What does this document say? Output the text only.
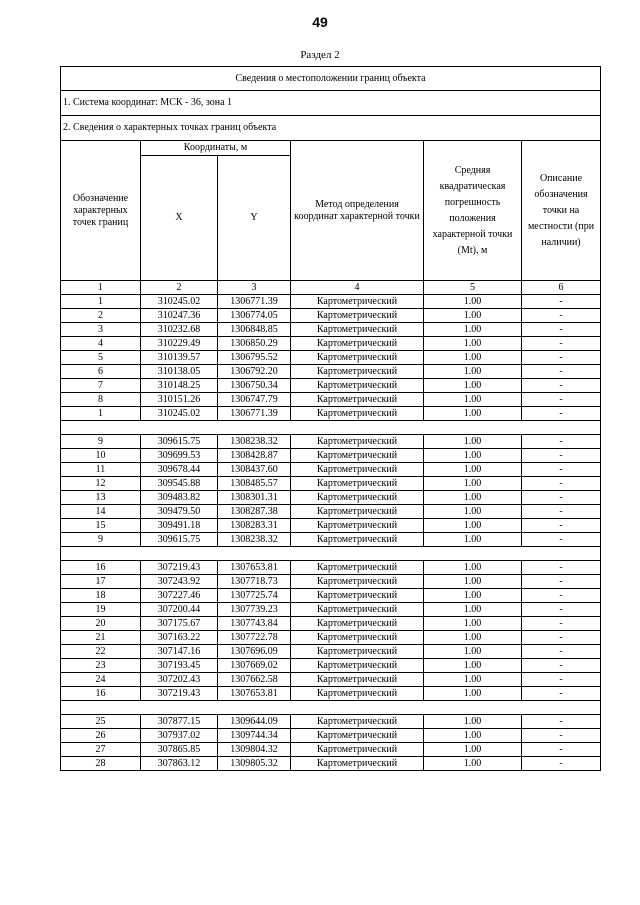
49
Раздел 2
Сведения о местоположении границ объекта					
1. Система координат: МСК - 36, зона 1					
2. Сведения о характерных точках границ объекта					
Обозначение характерных точек границ	Координаты, м		Метод определения координат характерной точки	Средняя квадратическая погрешность положения характерной точки (Mt), м	Описание обозначения точки на местности (при наличии)
	X	Y			
1	2	3	4	5	6
1	310245.02	1306771.39	Картометрический	1.00	-
2	310247.36	1306774.05	Картометрический	1.00	-
3	310232.68	1306848.85	Картометрический	1.00	-
4	310229.49	1306850.29	Картометрический	1.00	-
5	310139.57	1306795.52	Картометрический	1.00	-
6	310138.05	1306792.20	Картометрический	1.00	-
7	310148.25	1306750.34	Картометрический	1.00	-
8	310151.26	1306747.79	Картометрический	1.00	-
1	310245.02	1306771.39	Картометрический	1.00	-

9	309615.75	1308238.32	Картометрический	1.00	-
10	309699.53	1308428.87	Картометрический	1.00	-
11	309678.44	1308437.60	Картометрический	1.00	-
12	309545.88	1308485.57	Картометрический	1.00	-
13	309483.82	1308301.31	Картометрический	1.00	-
14	309479.50	1308287.38	Картометрический	1.00	-
15	309491.18	1308283.31	Картометрический	1.00	-
9	309615.75	1308238.32	Картометрический	1.00	-

16	307219.43	1307653.81	Картометрический	1.00	-
17	307243.92	1307718.73	Картометрический	1.00	-
18	307227.46	1307725.74	Картометрический	1.00	-
19	307200.44	1307739.23	Картометрический	1.00	-
20	307175.67	1307743.84	Картометрический	1.00	-
21	307163.22	1307722.78	Картометрический	1.00	-
22	307147.16	1307696.09	Картометрический	1.00	-
23	307193.45	1307669.02	Картометрический	1.00	-
24	307202.43	1307662.58	Картометрический	1.00	-
16	307219.43	1307653.81	Картометрический	1.00	-

25	307877.15	1309644.09	Картометрический	1.00	-
26	307937.02	1309744.34	Картометрический	1.00	-
27	307865.85	1309804.32	Картометрический	1.00	-
28	307863.12	1309805.32	Картометрический	1.00	-
